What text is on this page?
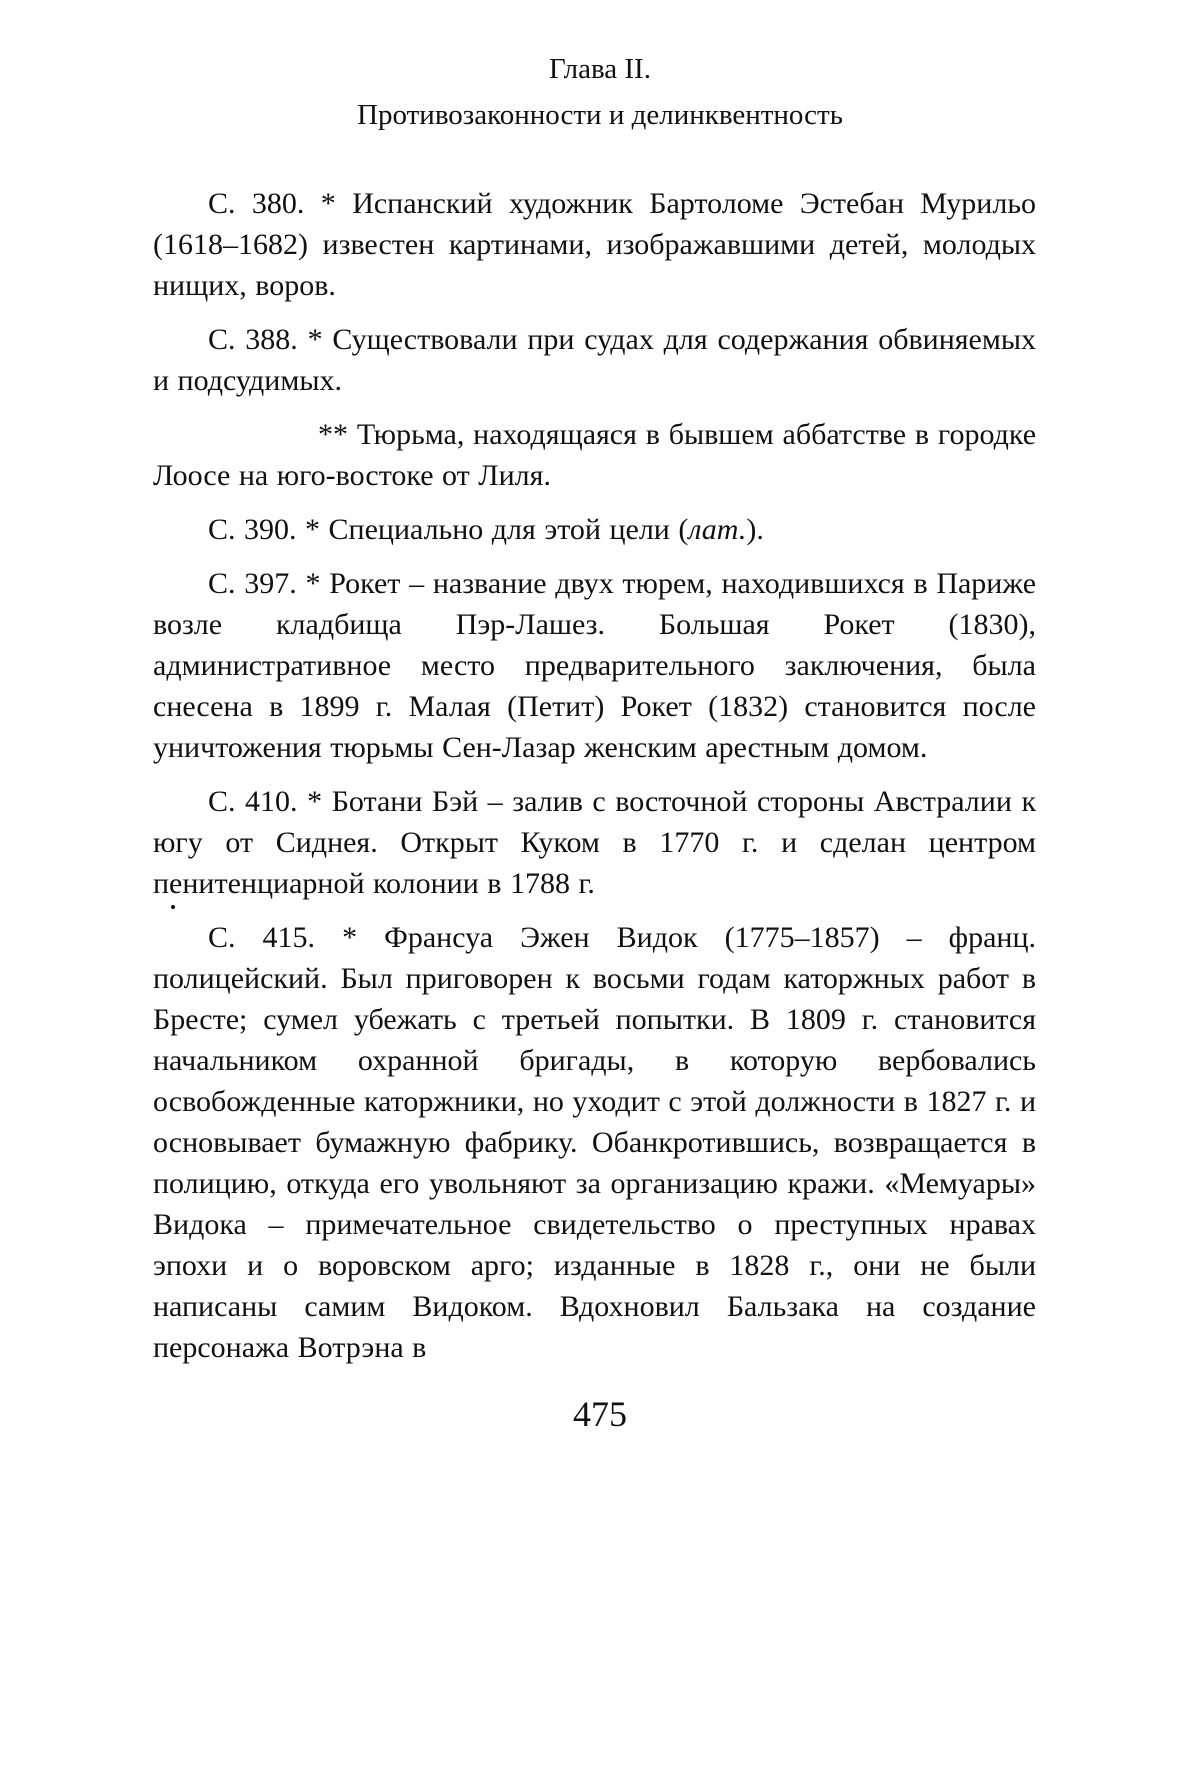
Глава II.
Противозаконности и делинквентность

С. 380. * Испанский художник Бартоломе Эстебан Мурильо (1618–1682) известен картинами, изображавшими детей, молодых нищих, воров.

С. 388. * Существовали при судах для содержания обвиняемых и подсудимых.

** Тюрьма, находящаяся в бывшем аббатстве в городке Лоосе на юго-востоке от Лиля.

С. 390. * Специально для этой цели (лат.).

С. 397. * Рокет – название двух тюрем, находившихся в Париже возле кладбища Пэр-Лашез. Большая Рокет (1830), административное место предварительного заключения, была снесена в 1899 г. Малая (Петит) Рокет (1832) становится после уничтожения тюрьмы Сен-Лазар женским арестным домом.

С. 410. * Ботани Бэй – залив с восточной стороны Австралии к югу от Сиднея. Открыт Куком в 1770 г. и сделан центром пенитенциарной колонии в 1788 г.

С. 415. * Франсуа Эжен Видок (1775–1857) – франц. полицейский. Был приговорен к восьми годам каторжных работ в Бресте; сумел убежать с третьей попытки. В 1809 г. становится начальником охранной бригады, в которую вербовались освобожденные каторжники, но уходит с этой должности в 1827 г. и основывает бумажную фабрику. Обанкротившись, возвращается в полицию, откуда его увольняют за организацию кражи. «Мемуары» Видока – примечательное свидетельство о преступных нравах эпохи и о воровском арго; изданные в 1828 г., они не были написаны самим Видоком. Вдохновил Бальзака на создание персонажа Вотрэна в

475
